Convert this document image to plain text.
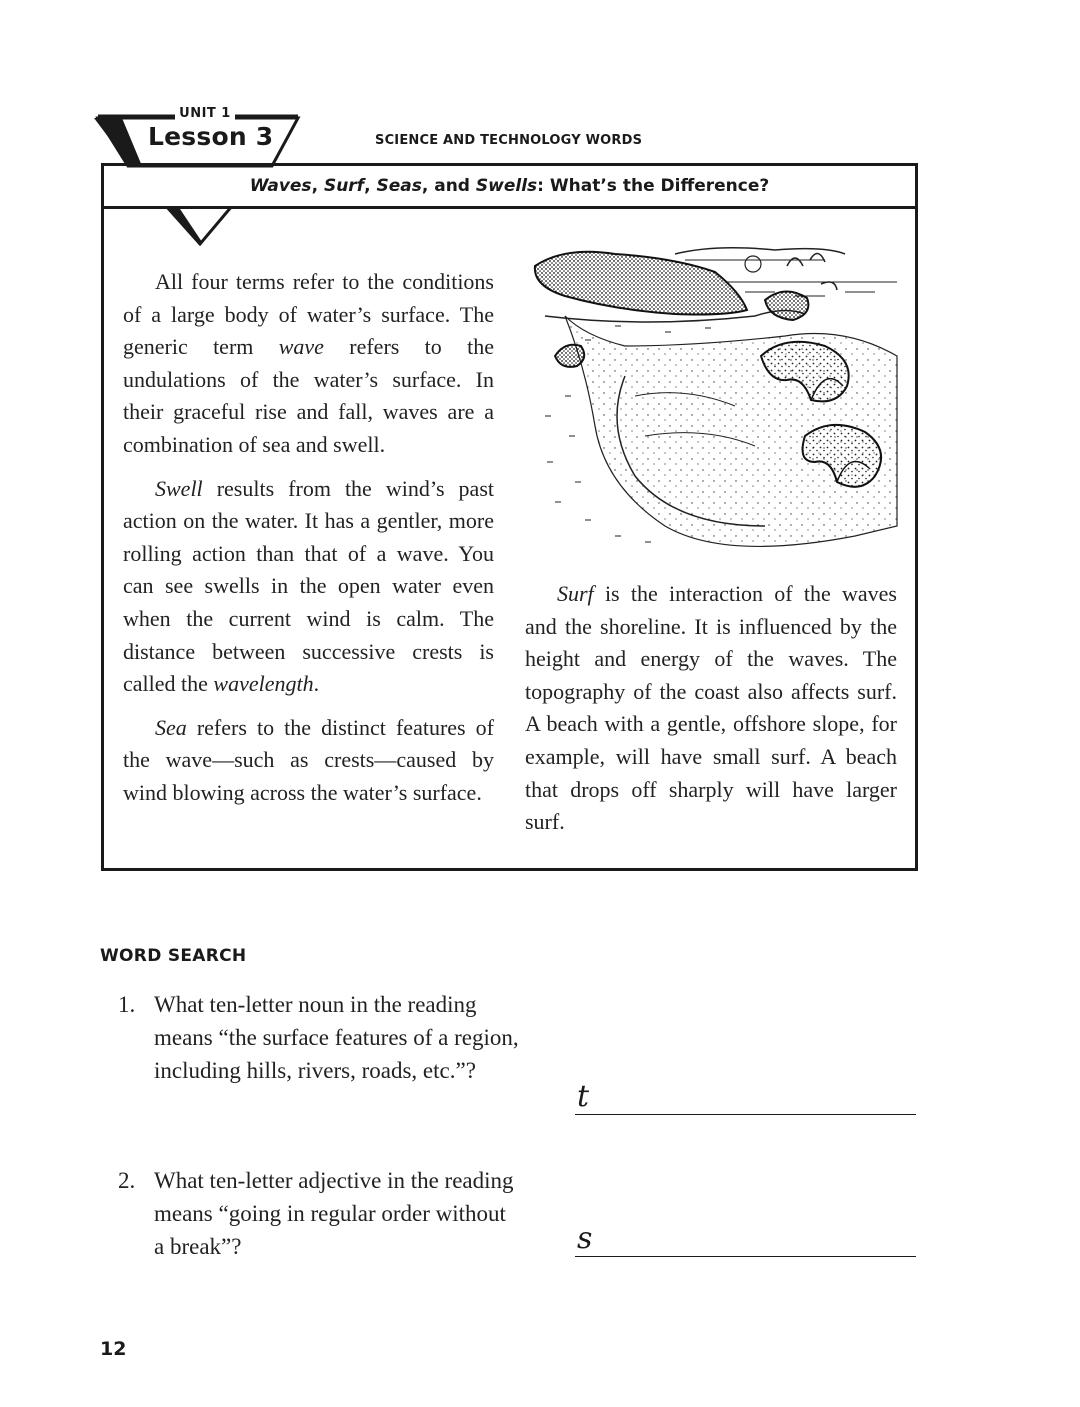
UNIT 1
Lesson 3	SCIENCE AND TECHNOLOGY WORDS
Waves, Surf, Seas, and Swells: What’s the Difference?

All four terms refer to the conditions of a large body of water’s surface. The generic term wave refers to the undulations of the water’s surface. In their graceful rise and fall, waves are a combination of sea and swell.

Swell results from the wind’s past action on the water. It has a gentler, more rolling action than that of a wave. You can see swells in the open water even when the current wind is calm. The distance between successive crests is called the wavelength.

Sea refers to the distinct features of the wave—such as crests—caused by wind blowing across the water’s surface.

Surf is the interaction of the waves and the shoreline. It is influenced by the height and energy of the waves. The topography of the coast also affects surf. A beach with a gentle, offshore slope, for example, will have small surf. A beach that drops off sharply will have larger surf.

WORD SEARCH
1. What ten-letter noun in the reading means “the surface features of a region, including hills, rivers, roads, etc.”?
t
2. What ten-letter adjective in the reading means “going in regular order without a break”?	s
12
